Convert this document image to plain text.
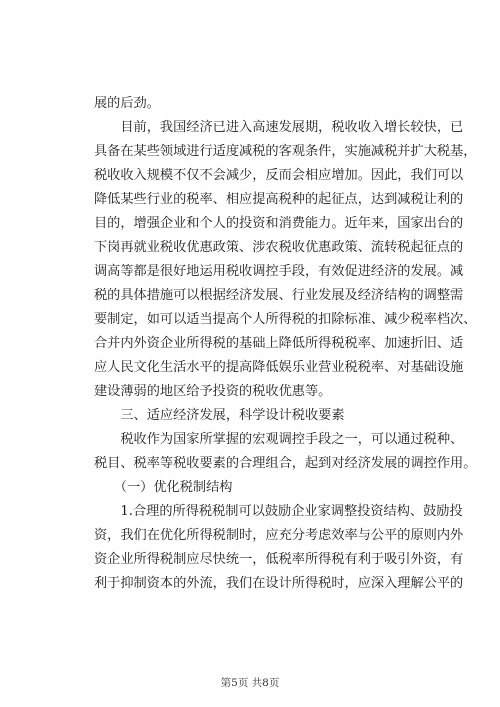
展的后劲。
　　目前，我国经济已进入高速发展期，税收收入增长较快，已
具备在某些领域进行适度减税的客观条件，实施减税并扩大税基，
税收收入规模不仅不会减少，反而会相应增加。因此，我们可以
降低某些行业的税率、相应提高税种的起征点，达到减税让利的
目的，增强企业和个人的投资和消费能力。近年来，国家出台的
下岗再就业税收优惠政策、涉农税收优惠政策、流转税起征点的
调高等都是很好地运用税收调控手段，有效促进经济的发展。减
税的具体措施可以根据经济发展、行业发展及经济结构的调整需
要制定，如可以适当提高个人所得税的扣除标准、减少税率档次、
合并内外资企业所得税的基础上降低所得税税率、加速折旧、适
应人民文化生活水平的提高降低娱乐业营业税税率、对基础设施
建设薄弱的地区给予投资的税收优惠等。
　　三、适应经济发展，科学设计税收要素
　　税收作为国家所掌握的宏观调控手段之一，可以通过税种、
税目、税率等税收要素的合理组合，起到对经济发展的调控作用。
　　（一）优化税制结构
　　1.合理的所得税税制可以鼓励企业家调整投资结构、鼓励投
资，我们在优化所得税制时，应充分考虑效率与公平的原则内外
资企业所得税制应尽快统一，低税率所得税有利于吸引外资，有
利于抑制资本的外流，我们在设计所得税时，应深入理解公平的
第5页 共8页
